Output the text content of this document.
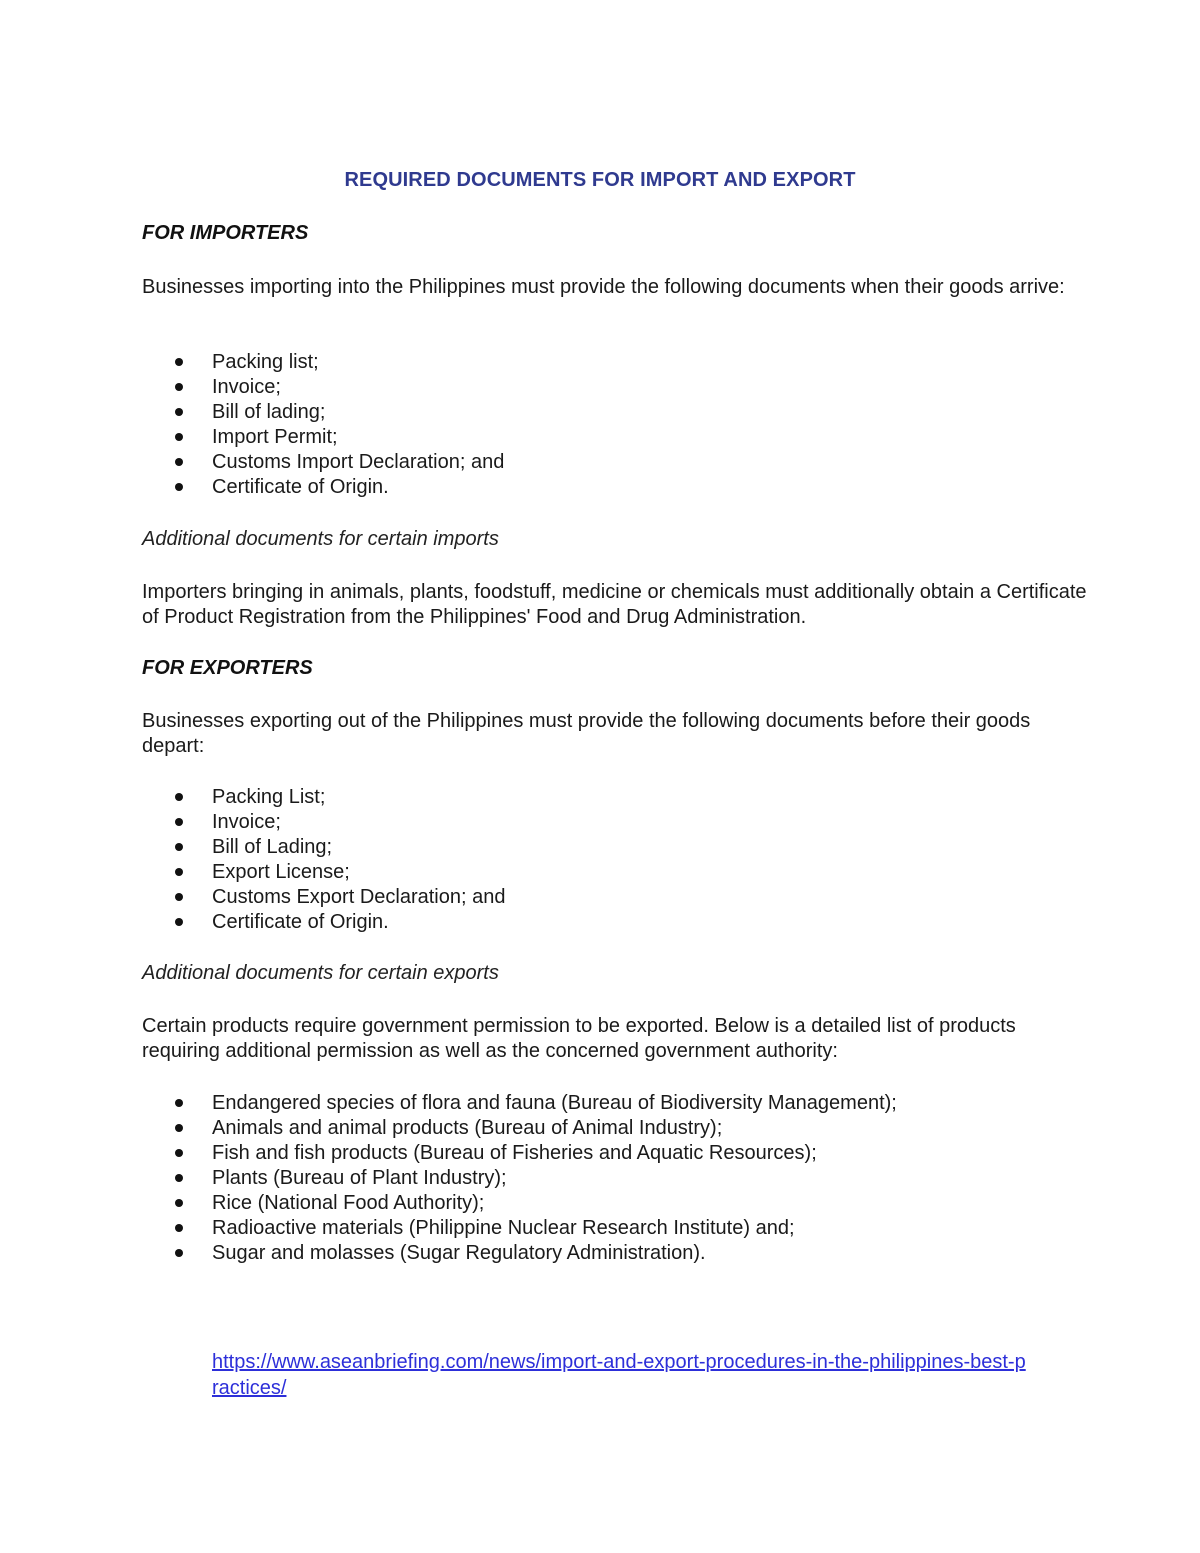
REQUIRED DOCUMENTS FOR IMPORT AND EXPORT

FOR IMPORTERS

Businesses importing into the Philippines must provide the following documents when their goods arrive:

Packing list;
Invoice;
Bill of lading;
Import Permit;
Customs Import Declaration; and
Certificate of Origin.

Additional documents for certain imports

Importers bringing in animals, plants, foodstuff, medicine or chemicals must additionally obtain a Certificate of Product Registration from the Philippines' Food and Drug Administration.

FOR EXPORTERS

Businesses exporting out of the Philippines must provide the following documents before their goods depart:

Packing List;
Invoice;
Bill of Lading;
Export License;
Customs Export Declaration; and
Certificate of Origin.

Additional documents for certain exports

Certain products require government permission to be exported. Below is a detailed list of products requiring additional permission as well as the concerned government authority:

Endangered species of flora and fauna (Bureau of Biodiversity Management);
Animals and animal products (Bureau of Animal Industry);
Fish and fish products (Bureau of Fisheries and Aquatic Resources);
Plants (Bureau of Plant Industry);
Rice (National Food Authority);
Radioactive materials (Philippine Nuclear Research Institute) and;
Sugar and molasses (Sugar Regulatory Administration).
https://www.aseanbriefing.com/news/import-and-export-procedures-in-the-philippines-best-practices/
